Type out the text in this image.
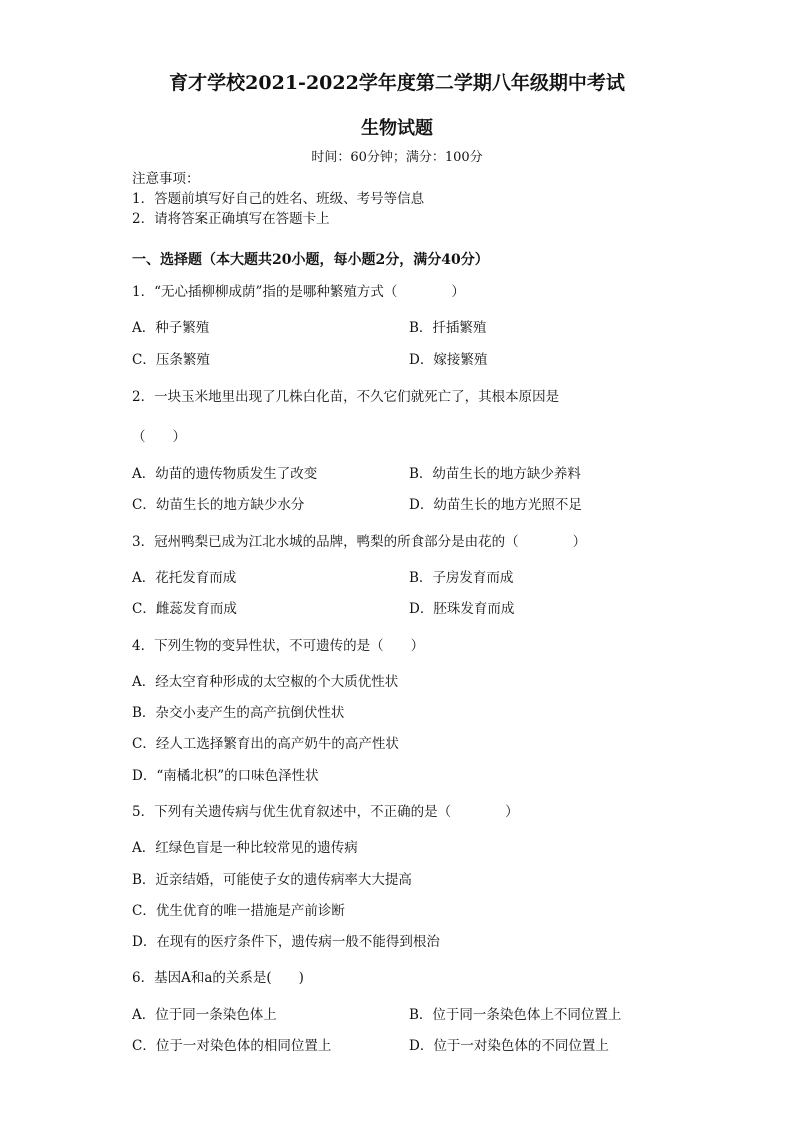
育才学校2021-2022学年度第二学期八年级期中考试
生物试题
时间：60分钟；满分：100分
注意事项：
1．答题前填写好自己的姓名、班级、考号等信息
2．请将答案正确填写在答题卡上
一、选择题（本大题共20小题，每小题2分，满分40分）
1．“无心插柳柳成荫”指的是哪种繁殖方式（　　　　）
A．种子繁殖	B．扦插繁殖
C．压条繁殖	D．嫁接繁殖
2．一块玉米地里出现了几株白化苗，不久它们就死亡了，其根本原因是
（　　）
A．幼苗的遗传物质发生了改变	B．幼苗生长的地方缺少养料
C．幼苗生长的地方缺少水分	D．幼苗生长的地方光照不足
3．冠州鸭梨已成为江北水城的品牌，鸭梨的所食部分是由花的（　　　　）
A．花托发育而成	B．子房发育而成
C．雌蕊发育而成	D．胚珠发育而成
4．下列生物的变异性状，不可遗传的是（　　）
A．经太空育种形成的太空椒的个大质优性状
B．杂交小麦产生的高产抗倒伏性状
C．经人工选择繁育出的高产奶牛的高产性状
D．“南橘北枳”的口味色泽性状
5．下列有关遗传病与优生优育叙述中，不正确的是（　　　　）
A．红绿色盲是一种比较常见的遗传病
B．近亲结婚，可能使子女的遗传病率大大提高
C．优生优育的唯一措施是产前诊断
D．在现有的医疗条件下，遗传病一般不能得到根治
6．基因A和a的关系是(　　)
A．位于同一条染色体上	B．位于同一条染色体上不同位置上
C．位于一对染色体的相同位置上	D．位于一对染色体的不同位置上
